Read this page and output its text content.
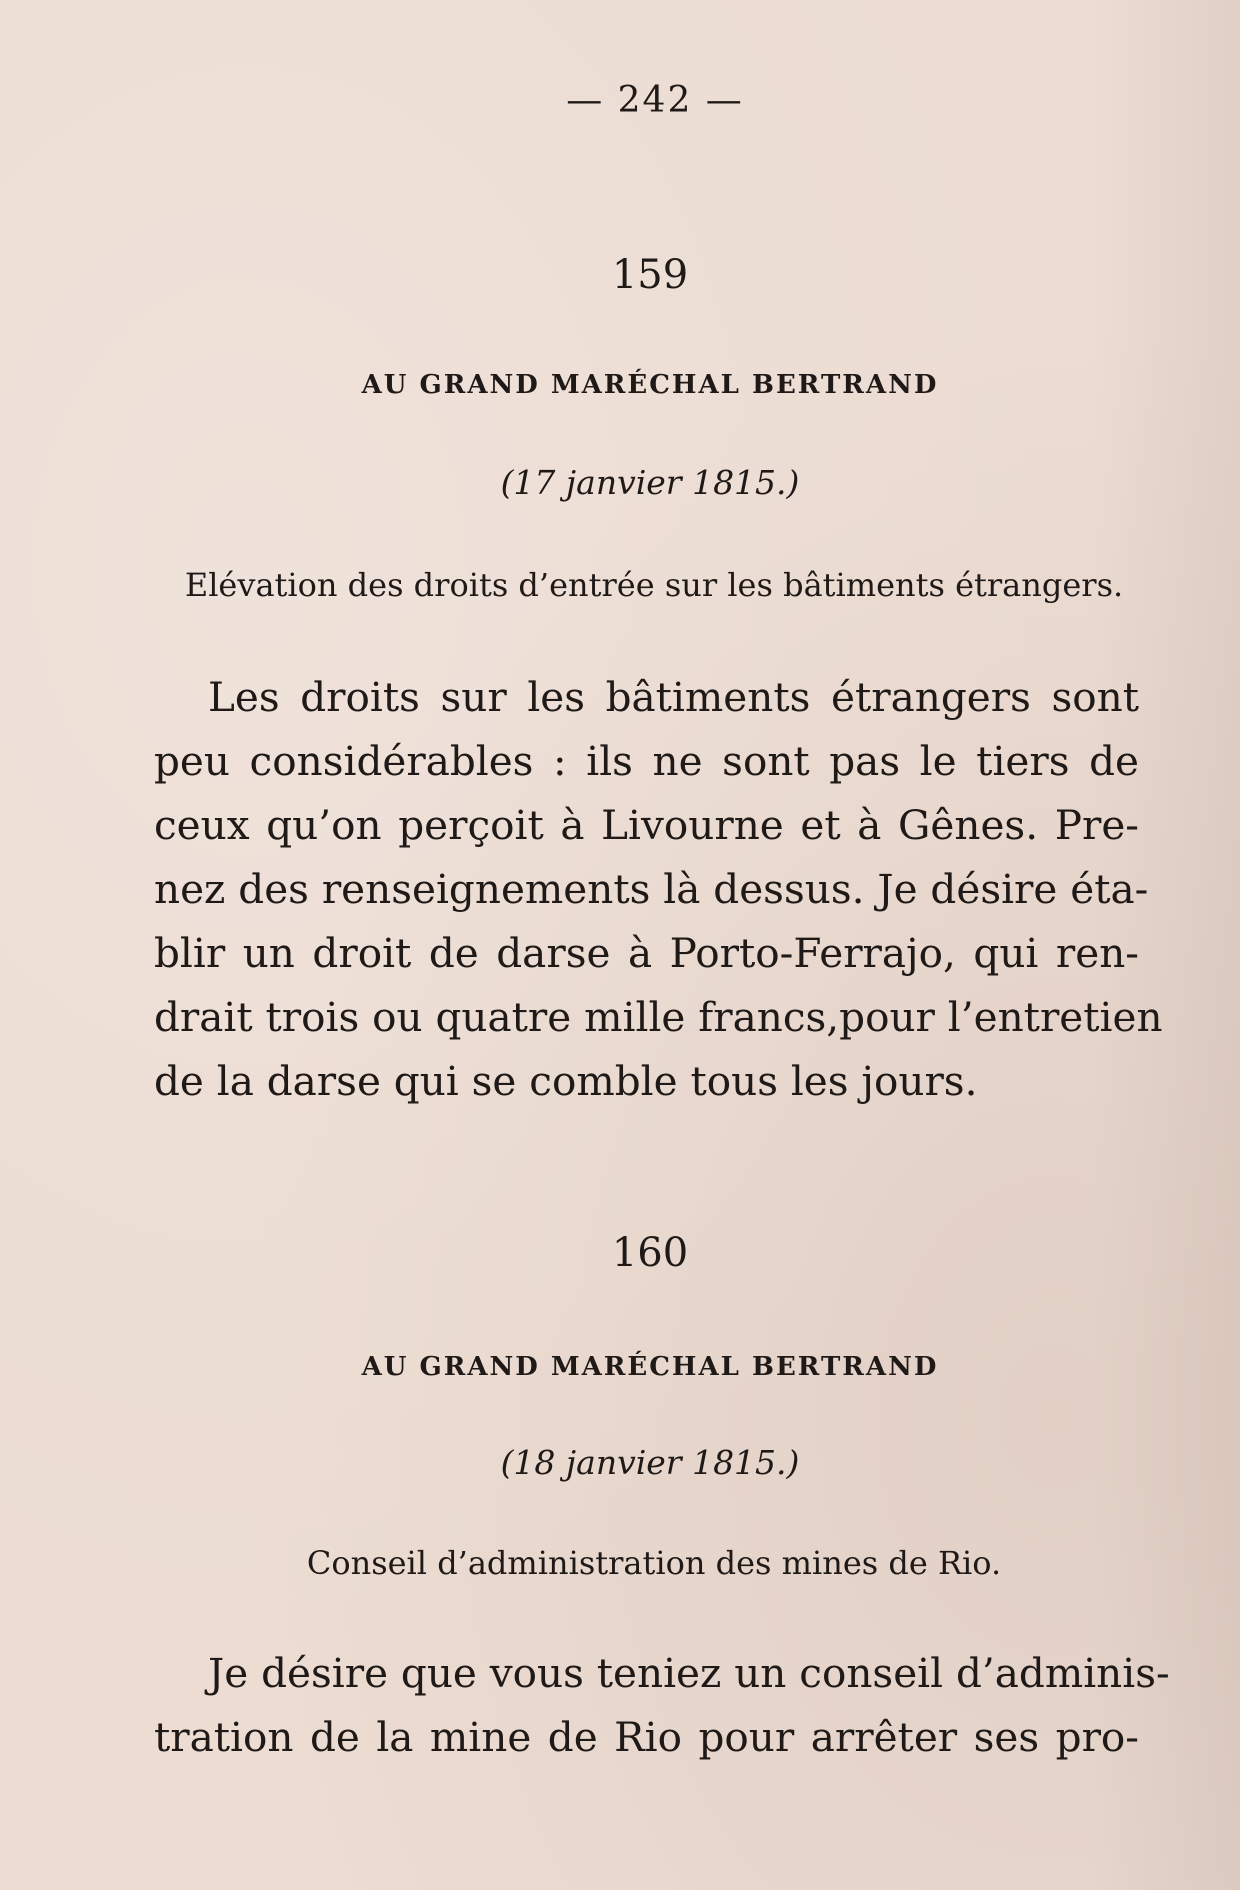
— 242 —
159
AU GRAND MARÉCHAL BERTRAND
(17 janvier 1815.)
Elévation des droits d’entrée sur les bâtiments étrangers.
Les droits sur les bâtiments étrangers sont
peu considérables : ils ne sont pas le tiers de
ceux qu’on perçoit à Livourne et à Gênes. Pre-
nez des renseignements là dessus. Je désire éta-
blir un droit de darse à Porto-Ferrajo, qui ren-
drait trois ou quatre mille francs,pour l’entretien
de la darse qui se comble tous les jours.
160
AU GRAND MARÉCHAL BERTRAND
(18 janvier 1815.)
Conseil d’administration des mines de Rio.
Je désire que vous teniez un conseil d’adminis-
tration de la mine de Rio pour arrêter ses pro-
